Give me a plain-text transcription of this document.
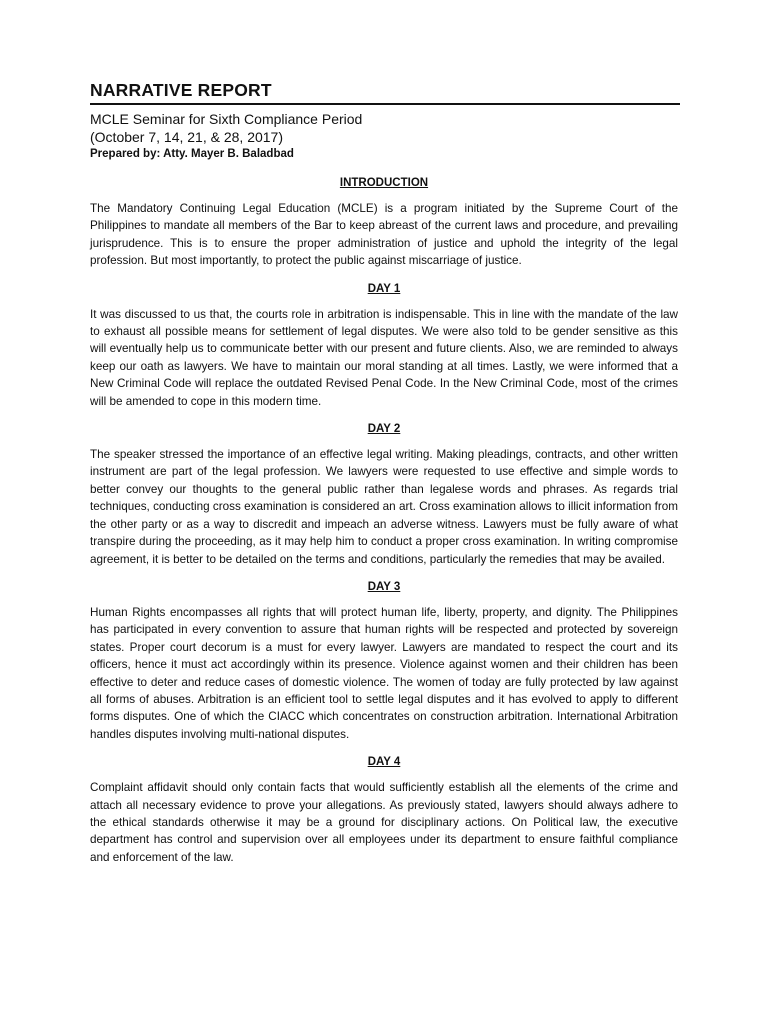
NARRATIVE REPORT
MCLE Seminar for Sixth Compliance Period
(October 7, 14, 21, & 28, 2017)
Prepared by: Atty. Mayer B. Baladbad
INTRODUCTION

The Mandatory Continuing Legal Education (MCLE) is a program initiated by the Supreme Court of the Philippines to mandate all members of the Bar to keep abreast of the current laws and procedure, and prevailing jurisprudence. This is to ensure the proper administration of justice and uphold the integrity of the legal profession. But most importantly, to protect the public against miscarriage of justice.

DAY 1

It was discussed to us that, the courts role in arbitration is indispensable. This in line with the mandate of the law to exhaust all possible means for settlement of legal disputes. We were also told to be gender sensitive as this will eventually help us to communicate better with our present and future clients. Also, we are reminded to always keep our oath as lawyers. We have to maintain our moral standing at all times. Lastly, we were informed that a New Criminal Code will replace the outdated Revised Penal Code. In the New Criminal Code, most of the crimes will be amended to cope in this modern time.

DAY 2

The speaker stressed the importance of an effective legal writing. Making pleadings, contracts, and other written instrument are part of the legal profession. We lawyers were requested to use effective and simple words to better convey our thoughts to the general public rather than legalese words and phrases. As regards trial techniques, conducting cross examination is considered an art. Cross examination allows to illicit information from the other party or as a way to discredit and impeach an adverse witness. Lawyers must be fully aware of what transpire during the proceeding, as it may help him to conduct a proper cross examination. In writing compromise agreement, it is better to be detailed on the terms and conditions, particularly the remedies that may be availed.

DAY 3

Human Rights encompasses all rights that will protect human life, liberty, property, and dignity. The Philippines has participated in every convention to assure that human rights will be respected and protected by sovereign states. Proper court decorum is a must for every lawyer. Lawyers are mandated to respect the court and its officers, hence it must act accordingly within its presence. Violence against women and their children has been effective to deter and reduce cases of domestic violence. The women of today are fully protected by law against all forms of abuses. Arbitration is an efficient tool to settle legal disputes and it has evolved to apply to different forms disputes. One of which the CIACC which concentrates on construction arbitration. International Arbitration handles disputes involving multi-national disputes.

DAY 4

Complaint affidavit should only contain facts that would sufficiently establish all the elements of the crime and attach all necessary evidence to prove your allegations. As previously stated, lawyers should always adhere to the ethical standards otherwise it may be a ground for disciplinary actions. On Political law, the executive department has control and supervision over all employees under its department to ensure faithful compliance and enforcement of the law.
